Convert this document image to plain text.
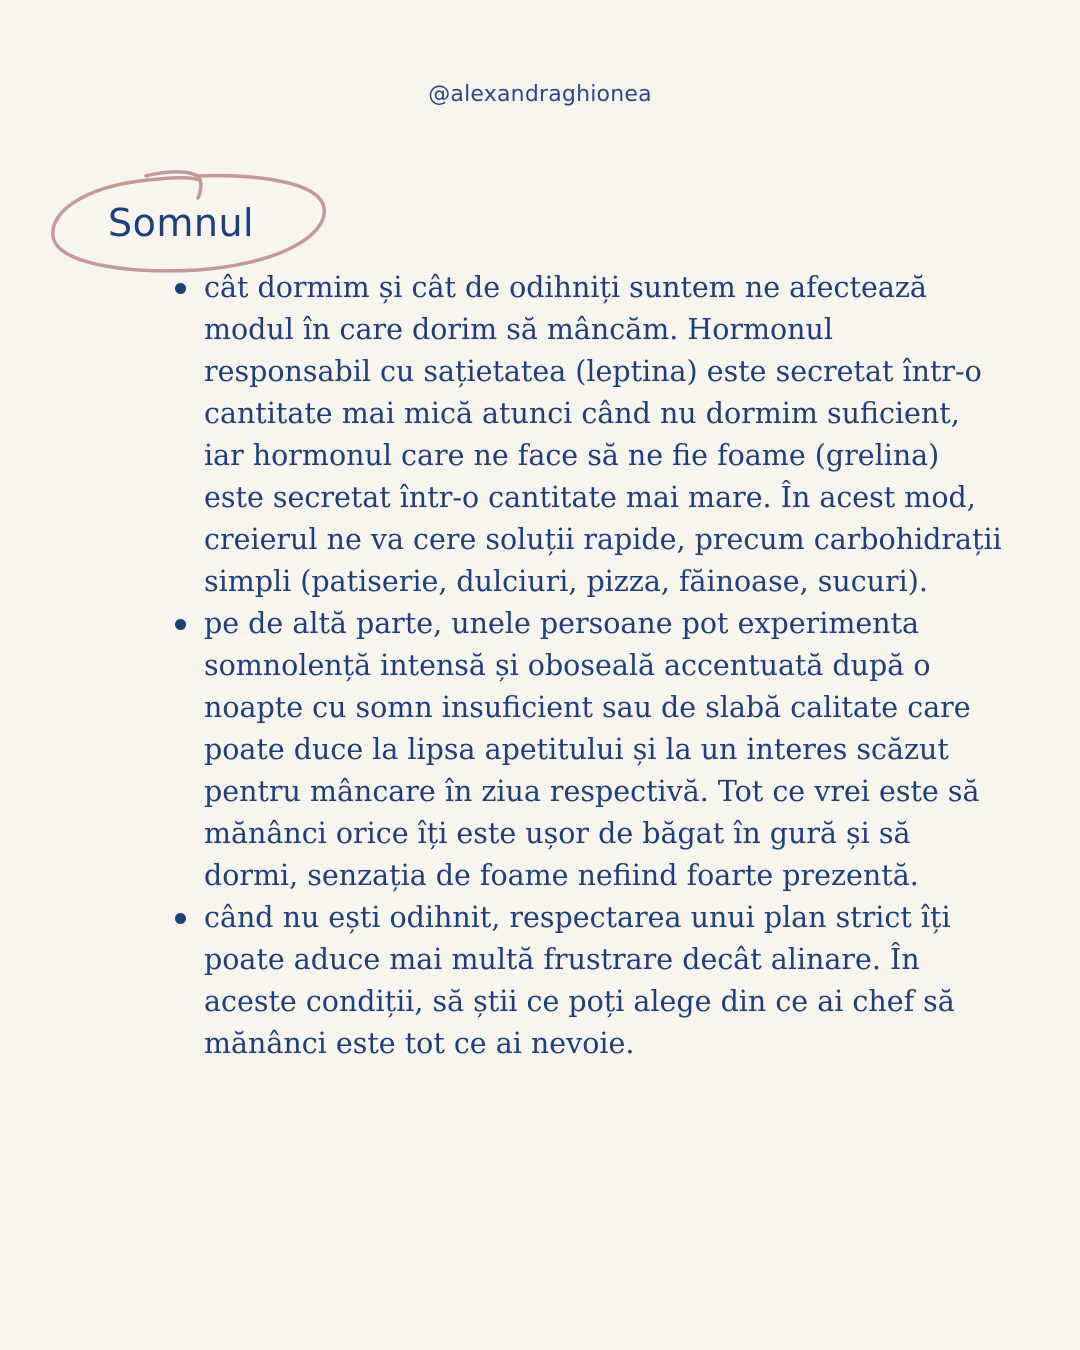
@alexandraghionea
Somnul
cât dormim și cât de odihniți suntem ne afectează modul în care dorim să mâncăm. Hormonul responsabil cu sațietatea (leptina) este secretat într-o cantitate mai mică atunci când nu dormim suficient, iar hormonul care ne face să ne fie foame (grelina) este secretat într-o cantitate mai mare. În acest mod, creierul ne va cere soluții rapide, precum carbohidrații simpli (patiserie, dulciuri, pizza, făinoase, sucuri).
pe de altă parte, unele persoane pot experimenta somnolență intensă și oboseală accentuată după o noapte cu somn insuficient sau de slabă calitate care poate duce la lipsa apetitului și la un interes scăzut pentru mâncare în ziua respectivă. Tot ce vrei este să mănânci orice îți este ușor de băgat în gură și să dormi, senzația de foame nefiind foarte prezentă.
când nu ești odihnit, respectarea unui plan strict îți poate aduce mai multă frustrare decât alinare. În aceste condiții, să știi ce poți alege din ce ai chef să mănânci este tot ce ai nevoie.
